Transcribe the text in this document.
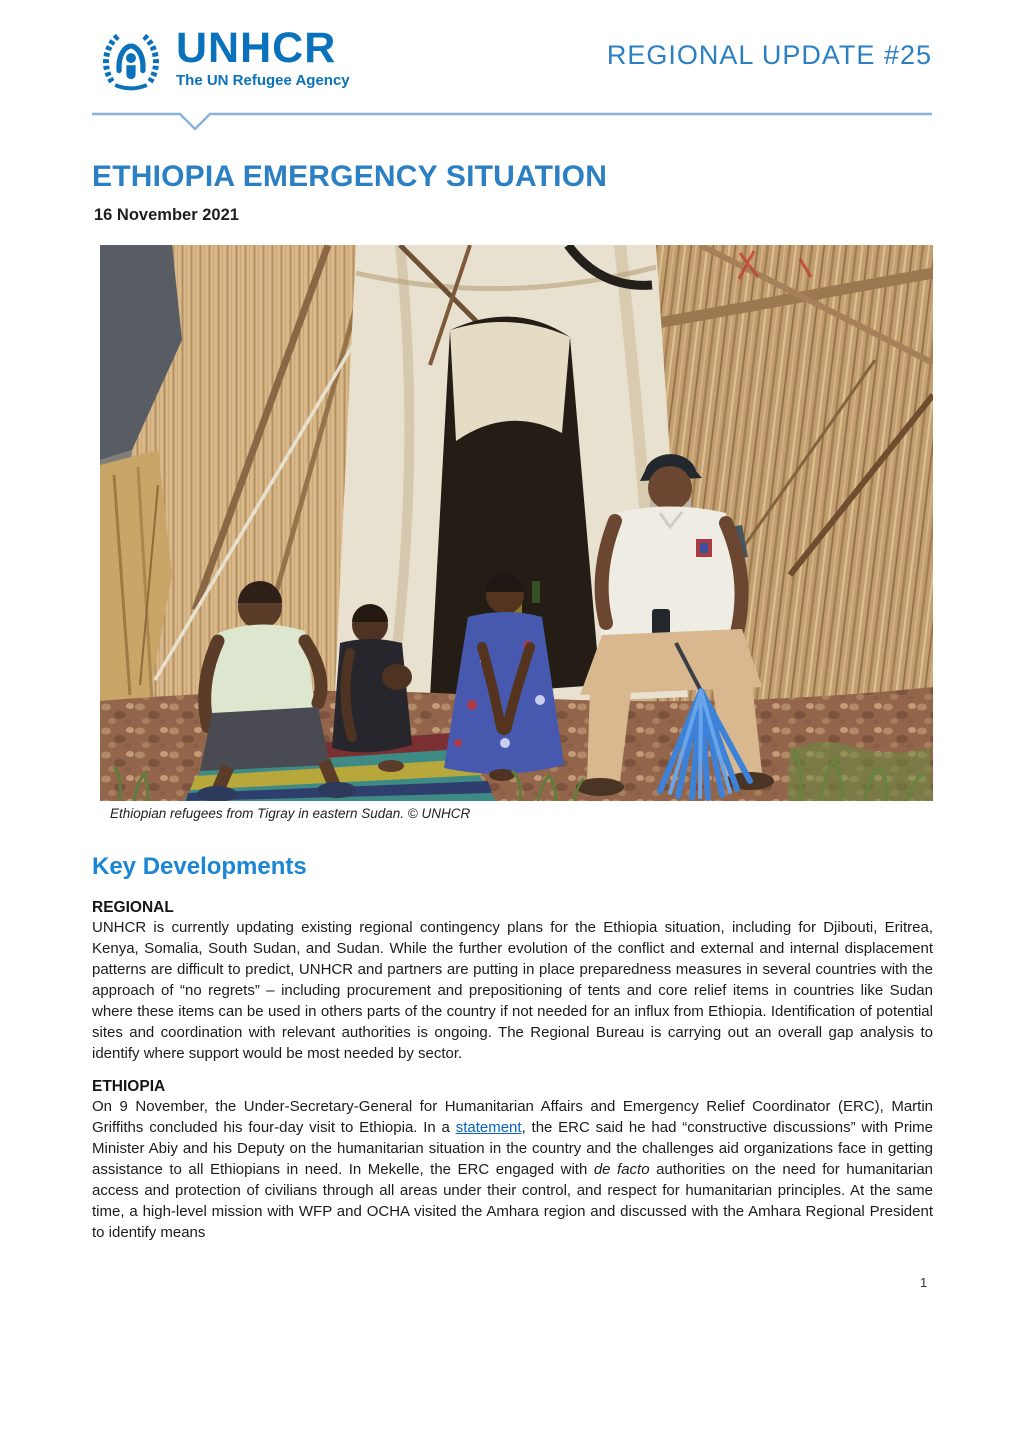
UNHCR
The UN Refugee Agency
REGIONAL UPDATE #25
ETHIOPIA EMERGENCY SITUATION
16 November 2021
Ethiopian refugees from Tigray in eastern Sudan. © UNHCR
Key Developments
REGIONAL

UNHCR is currently updating existing regional contingency plans for the Ethiopia situation, including for Djibouti, Eritrea, Kenya, Somalia, South Sudan, and Sudan. While the further evolution of the conflict and external and internal displacement patterns are difficult to predict, UNHCR and partners are putting in place preparedness measures in several countries with the approach of “no regrets” – including procurement and prepositioning of tents and core relief items in countries like Sudan where these items can be used in others parts of the country if not needed for an influx from Ethiopia. Identification of potential sites and coordination with relevant authorities is ongoing. The Regional Bureau is carrying out an overall gap analysis to identify where support would be most needed by sector.

ETHIOPIA

On 9 November, the Under-Secretary-General for Humanitarian Affairs and Emergency Relief Coordinator (ERC), Martin Griffiths concluded his four-day visit to Ethiopia. In a statement, the ERC said he had “constructive discussions” with Prime Minister Abiy and his Deputy on the humanitarian situation in the country and the challenges aid organizations face in getting assistance to all Ethiopians in need. In Mekelle, the ERC engaged with de facto authorities on the need for humanitarian access and protection of civilians through all areas under their control, and respect for humanitarian principles. At the same time, a high-level mission with WFP and OCHA visited the Amhara region and discussed with the Amhara Regional President to identify means

1
